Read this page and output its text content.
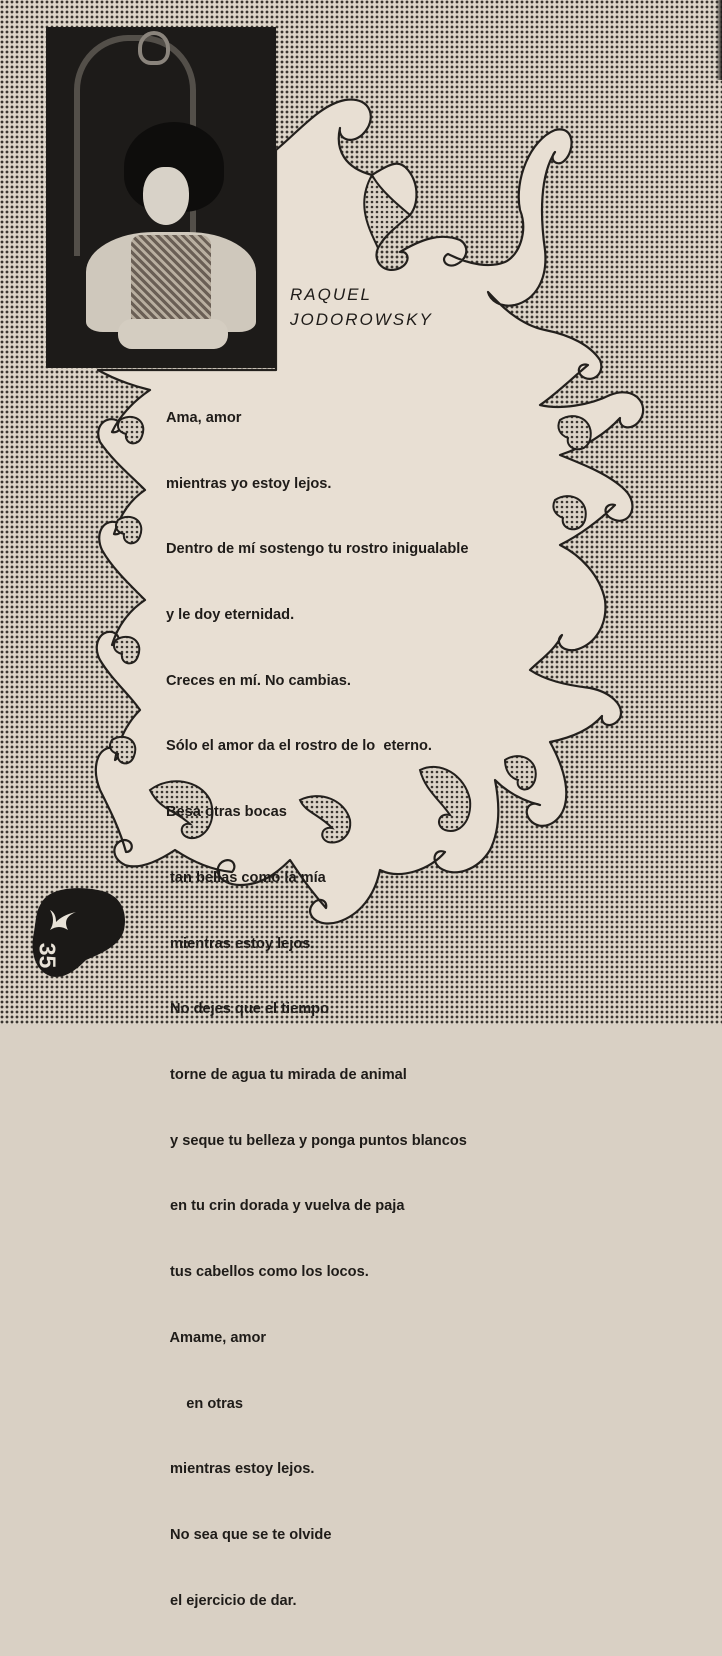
RAQUEL
JODOROWSKY

Ama, amor

mientras yo estoy lejos.

Dentro de mí sostengo tu rostro inigualable

y le doy eternidad.

Creces en mí. No cambias.

Sólo el amor da el rostro de lo  eterno.

Besa otras bocas

tan bellas como la mía

mientras estoy lejos.

No dejes que el tiempo

torne de agua tu mirada de animal

y seque tu belleza y ponga puntos blancos

en tu crin dorada y vuelva de paja

tus cabellos como los locos.

Amame, amor

en otras

mientras estoy lejos.

No sea que se te olvide

el ejercicio de dar.

35
